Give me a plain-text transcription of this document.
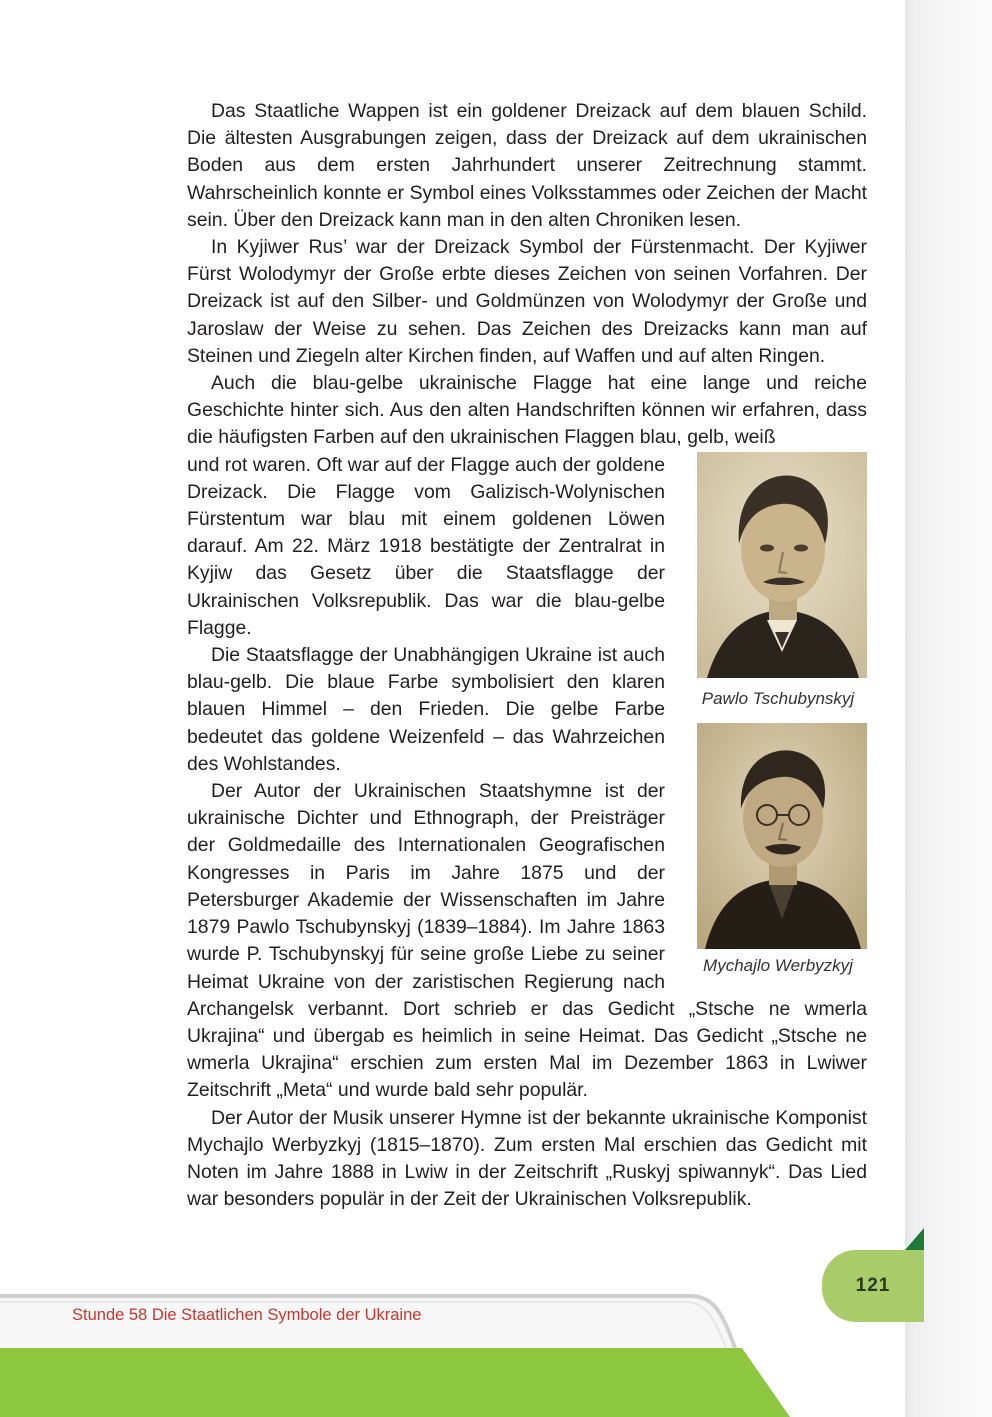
Das Staatliche Wappen ist ein goldener Dreizack auf dem blauen Schild. Die ältesten Ausgrabungen zeigen, dass der Dreizack auf dem ukrainischen Boden aus dem ersten Jahrhundert unserer Zeitrechnung stammt. Wahrscheinlich konnte er Symbol eines Volksstammes oder Zeichen der Macht sein. Über den Dreizack kann man in den alten Chroniken lesen.

In Kyjiwer Rus’ war der Dreizack Symbol der Fürstenmacht. Der Kyjiwer Fürst Wolodymyr der Große erbte dieses Zeichen von seinen Vorfahren. Der Dreizack ist auf den Silber- und Goldmünzen von Wolodymyr der Große und Jaroslaw der Weise zu sehen. Das Zeichen des Dreizacks kann man auf Steinen und Ziegeln alter Kirchen finden, auf Waffen und auf alten Ringen.

Auch die blau-gelbe ukrainische Flagge hat eine lange und reiche Geschichte hinter sich. Aus den alten Handschriften können wir erfahren, dass die häufigsten Farben auf den ukrainischen Flaggen blau, gelb, weiß

Pawlo Tschubynskyj
Mychajlo Werbyzkyj

und rot waren. Oft war auf der Flagge auch der goldene Dreizack. Die Flagge vom Galizisch-Wolynischen Fürstentum war blau mit einem goldenen Löwen darauf. Am 22. März 1918 bestätigte der Zentralrat in Kyjiw das Gesetz über die Staatsflagge der Ukrainischen Volksrepublik. Das war die blau-gelbe Flagge.

Die Staatsflagge der Unabhängigen Ukraine ist auch blau-gelb. Die blaue Farbe symbolisiert den klaren blauen Himmel – den Frieden. Die gelbe Farbe bedeutet das goldene Weizenfeld – das Wahrzeichen des Wohlstandes.

Der Autor der Ukrainischen Staatshymne ist der ukrainische Dichter und Ethnograph, der Preisträger der Goldmedaille des Internationalen Geografischen Kongresses in Paris im Jahre 1875 und der Petersburger Akademie der Wissenschaften im Jahre 1879 Pawlo Tschubynskyj (1839–1884). Im Jahre 1863 wurde P. Tschubynskyj für seine große Liebe zu seiner Heimat Ukraine von der zaristischen Regierung nach Archangelsk verbannt. Dort schrieb er das Gedicht „Stsche ne wmerla Ukrajina“ und übergab es heimlich in seine Heimat. Das Gedicht „Stsche ne wmerla Ukrajina“ erschien zum ersten Mal im Dezember 1863 in Lwiwer Zeitschrift „Meta“ und wurde bald sehr populär.

Der Autor der Musik unserer Hymne ist der bekannte ukrainische Komponist Mychajlo Werbyzkyj (1815–1870). Zum ersten Mal erschien das Gedicht mit Noten im Jahre 1888 in Lwiw in der Zeitschrift „Ruskyj spiwannyk“. Das Lied war besonders populär in der Zeit der Ukrainischen Volksrepublik.

121
Stunde 58 Die Staatlichen Symbole der Ukraine
